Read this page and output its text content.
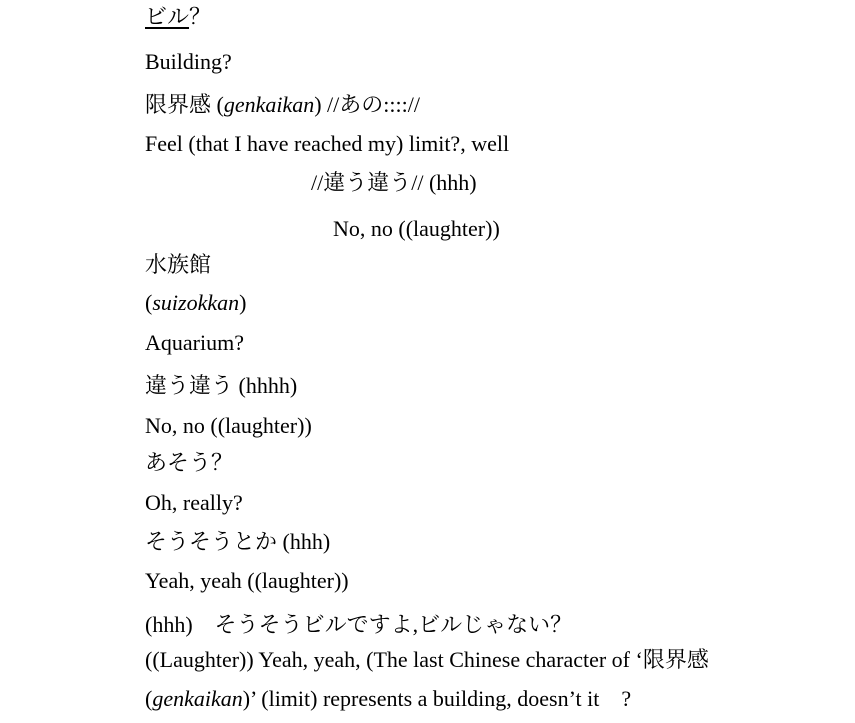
ビル？
Building?
限界感 (genkaikan) //あの:::://
Feel (that I have reached my) limit?, well
//違う違う// (hhh)
No, no ((laughter))
水族館
(suizokkan)
Aquarium?
違う違う (hhhh)
No, no ((laughter))
あそう？
Oh, really?
そうそうとか (hhh)
Yeah, yeah ((laughter))
(hhh)　そうそうビルですよ,ビルじゃない？
((Laughter)) Yeah, yeah, (The last Chinese character of ‘限界感
(genkaikan)’ (limit) represents a building, doesn’t it　?
